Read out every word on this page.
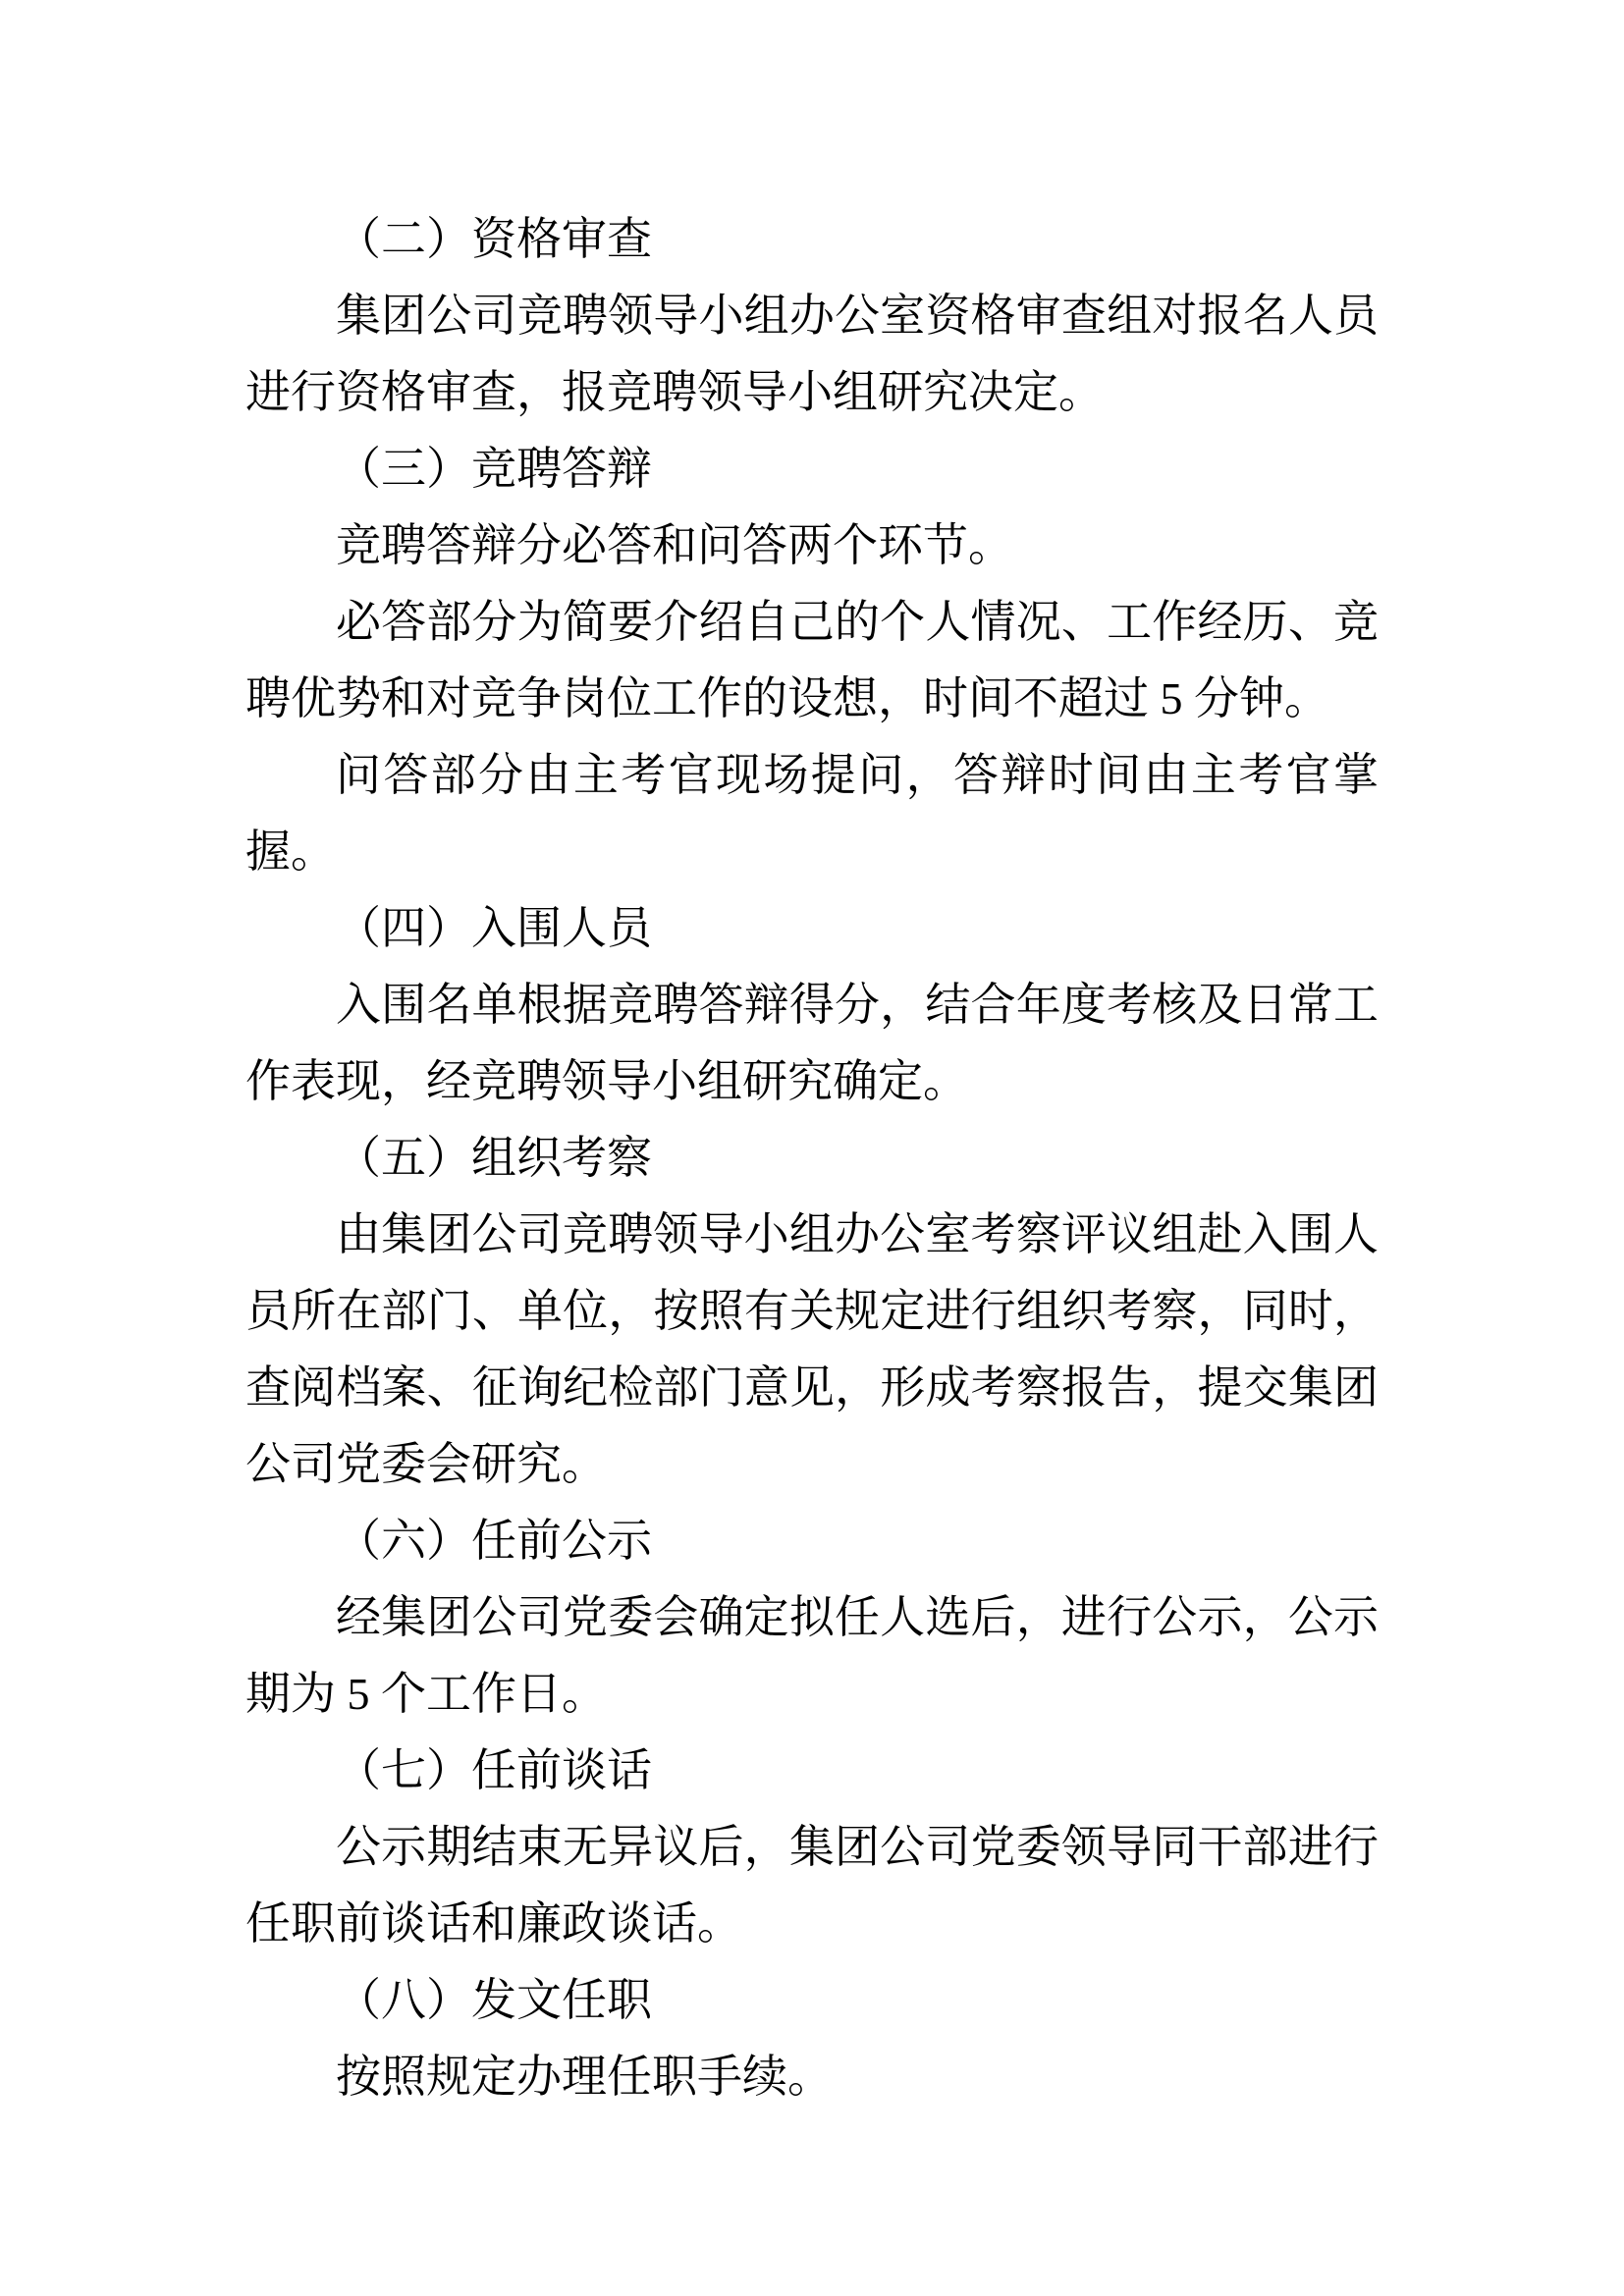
（二）资格审查

集团公司竞聘领导小组办公室资格审查组对报名人员进行资格审查，报竞聘领导小组研究决定。

（三）竞聘答辩

竞聘答辩分必答和问答两个环节。

必答部分为简要介绍自己的个人情况、工作经历、竞聘优势和对竞争岗位工作的设想，时间不超过 5 分钟。

问答部分由主考官现场提问，答辩时间由主考官掌握。

（四）入围人员

入围名单根据竞聘答辩得分，结合年度考核及日常工作表现，经竞聘领导小组研究确定。

（五）组织考察

由集团公司竞聘领导小组办公室考察评议组赴入围人员所在部门、单位，按照有关规定进行组织考察，同时，查阅档案、征询纪检部门意见，形成考察报告，提交集团公司党委会研究。

（六）任前公示

经集团公司党委会确定拟任人选后，进行公示，公示期为 5 个工作日。

（七）任前谈话

公示期结束无异议后，集团公司党委领导同干部进行任职前谈话和廉政谈话。

（八）发文任职

按照规定办理任职手续。
